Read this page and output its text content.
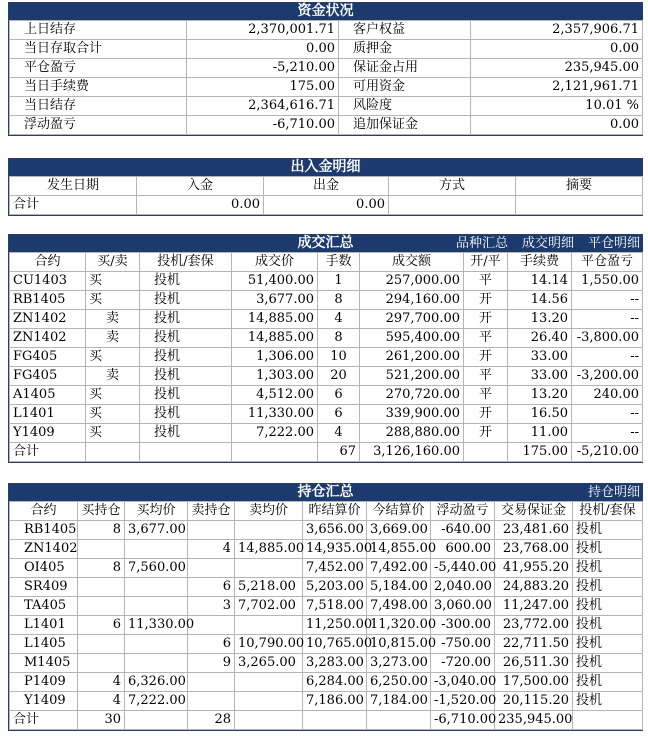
资金状况
上日结存	2,370,001.71	客户权益	2,357,906.71
当日存取合计	0.00	质押金	0.00
平仓盈亏	-5,210.00	保证金占用	235,945.00
当日手续费	175.00	可用资金	2,121,961.71
当日结存	2,364,616.71	风险度	10.01 %
浮动盈亏	-6,710.00	追加保证金	0.00
出入金明细
发生日期	入金	出金	方式	摘要
合计	0.00	0.00		
成交汇总	品种汇总 成交明细 平仓明细
合约	买/卖	投机/套保	成交价	手数	成交额	开/平	手续费	平仓盈亏
CU1403	买	投机	51,400.00	1	257,000.00	平	14.14	1,550.00
RB1405	买	投机	3,677.00	8	294,160.00	开	14.56	--
ZN1402	卖	投机	14,885.00	4	297,700.00	开	13.20	--
ZN1402	卖	投机	14,885.00	8	595,400.00	平	26.40	-3,800.00
FG405	买	投机	1,306.00	10	261,200.00	开	33.00	--
FG405	卖	投机	1,303.00	20	521,200.00	平	33.00	-3,200.00
A1405	买	投机	4,512.00	6	270,720.00	平	13.20	240.00
L1401	买	投机	11,330.00	6	339,900.00	开	16.50	--
Y1409	买	投机	7,222.00	4	288,880.00	开	11.00	--
合计				67	3,126,160.00		175.00	-5,210.00
持仓汇总	持仓明细
合约	买持仓	买均价	卖持仓	卖均价	昨结算价	今结算价	浮动盈亏	交易保证金	投机/套保
RB1405	8	3,677.00			3,656.00	3,669.00	-640.00	23,481.60	投机
ZN1402			4	14,885.00	14,935.00	14,855.00	600.00	23,768.00	投机
OI405	8	7,560.00			7,452.00	7,492.00	-5,440.00	41,955.20	投机
SR409			6	5,218.00	5,203.00	5,184.00	2,040.00	24,883.20	投机
TA405			3	7,702.00	7,518.00	7,498.00	3,060.00	11,247.00	投机
L1401	6	11,330.00			11,250.00	11,320.00	-300.00	23,772.00	投机
L1405			6	10,790.00	10,765.00	10,815.00	-750.00	22,711.50	投机
M1405			9	3,265.00	3,283.00	3,273.00	-720.00	26,511.30	投机
P1409	4	6,326.00			6,284.00	6,250.00	-3,040.00	17,500.00	投机
Y1409	4	7,222.00			7,186.00	7,184.00	-1,520.00	20,115.20	投机
合计	30		28				-6,710.00	235,945.00	
